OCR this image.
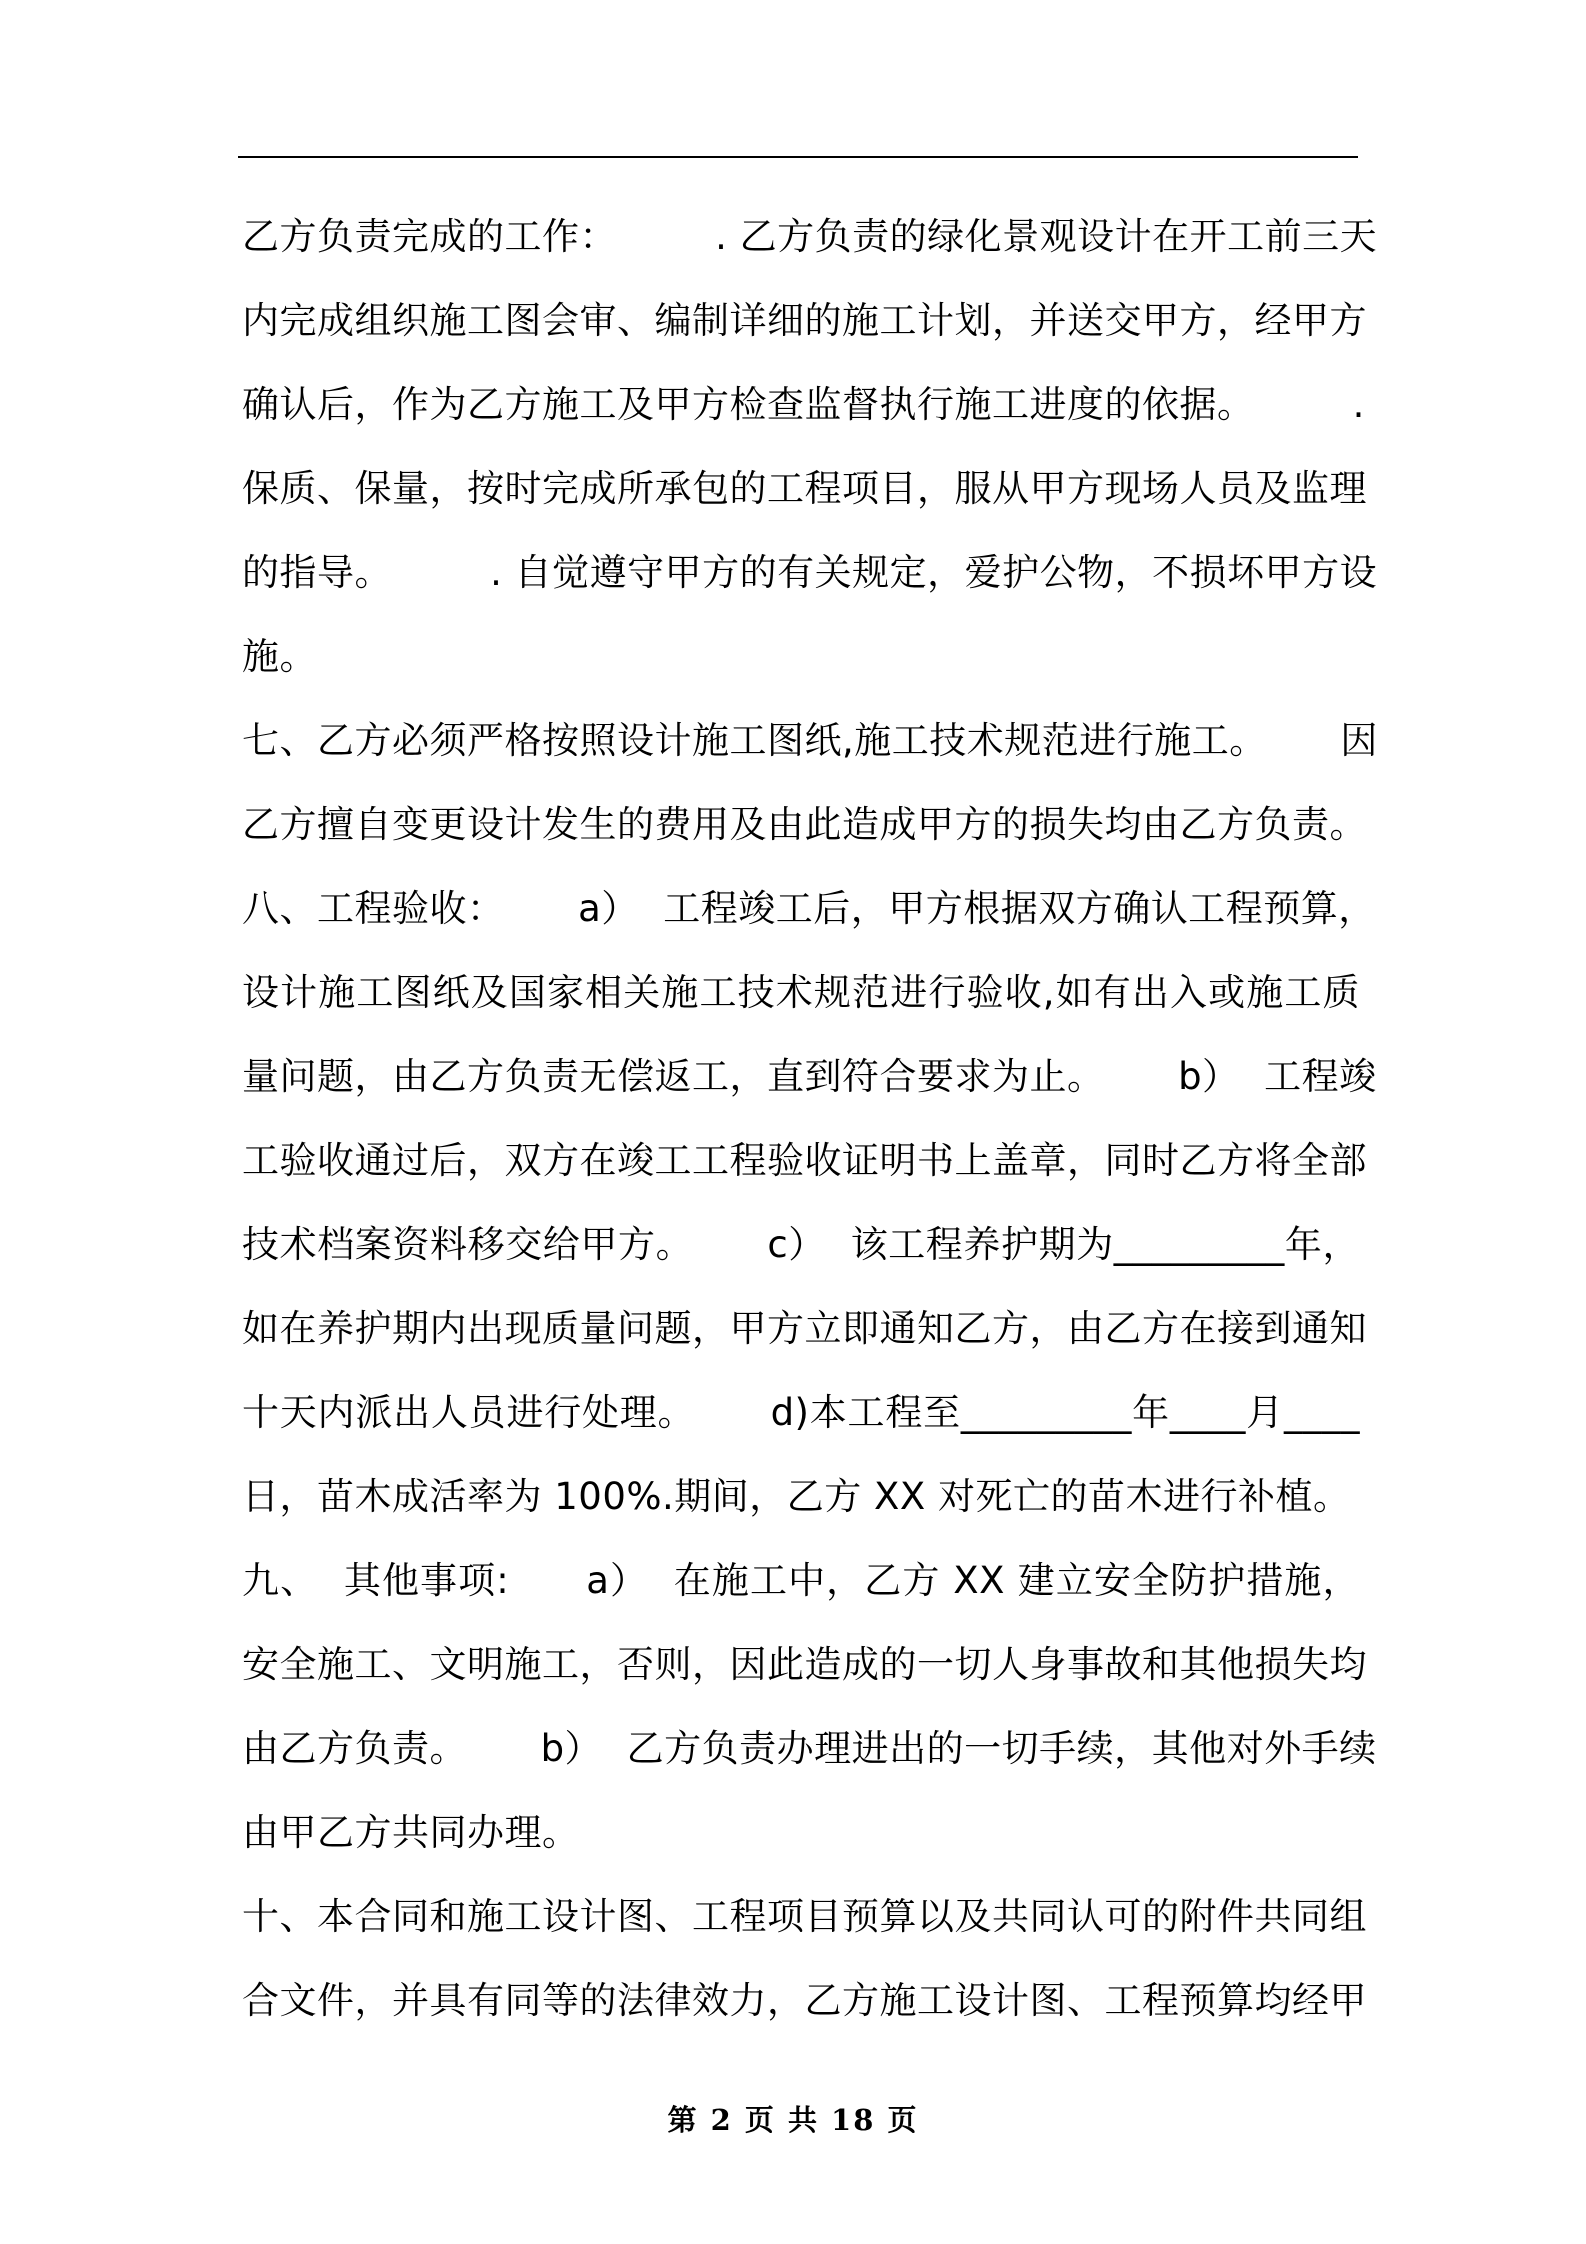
乙方负责完成的工作：        . 乙方负责的绿化景观设计在开工前三天
内完成组织施工图会审、编制详细的施工计划，并送交甲方，经甲方
确认后，作为乙方施工及甲方检查监督执行施工进度的依据。        .
保质、保量，按时完成所承包的工程项目，服从甲方现场人员及监理
的指导。        . 自觉遵守甲方的有关规定，爱护公物，不损坏甲方设
施。
七、乙方必须严格按照设计施工图纸,施工技术规范进行施工。      因
乙方擅自变更设计发生的费用及由此造成甲方的损失均由乙方负责。
八、工程验收：      a）  工程竣工后，甲方根据双方确认工程预算，
设计施工图纸及国家相关施工技术规范进行验收,如有出入或施工质
量问题，由乙方负责无偿返工，直到符合要求为止。      b）  工程竣
工验收通过后，双方在竣工工程验收证明书上盖章，同时乙方将全部
技术档案资料移交给甲方。      c）  该工程养护期为_________年，
如在养护期内出现质量问题，甲方立即通知乙方，由乙方在接到通知
十天内派出人员进行处理。      d)本工程至_________年____月____
日，苗木成活率为 100%.期间，乙方 XX 对死亡的苗木进行补植。
九、  其他事项:      a）  在施工中，乙方 XX 建立安全防护措施，
安全施工、文明施工，否则，因此造成的一切人身事故和其他损失均
由乙方负责。      b）  乙方负责办理进出的一切手续，其他对外手续
由甲乙方共同办理。
十、本合同和施工设计图、工程项目预算以及共同认可的附件共同组
合文件，并具有同等的法律效力，乙方施工设计图、工程预算均经甲
第 2 页 共 18 页
